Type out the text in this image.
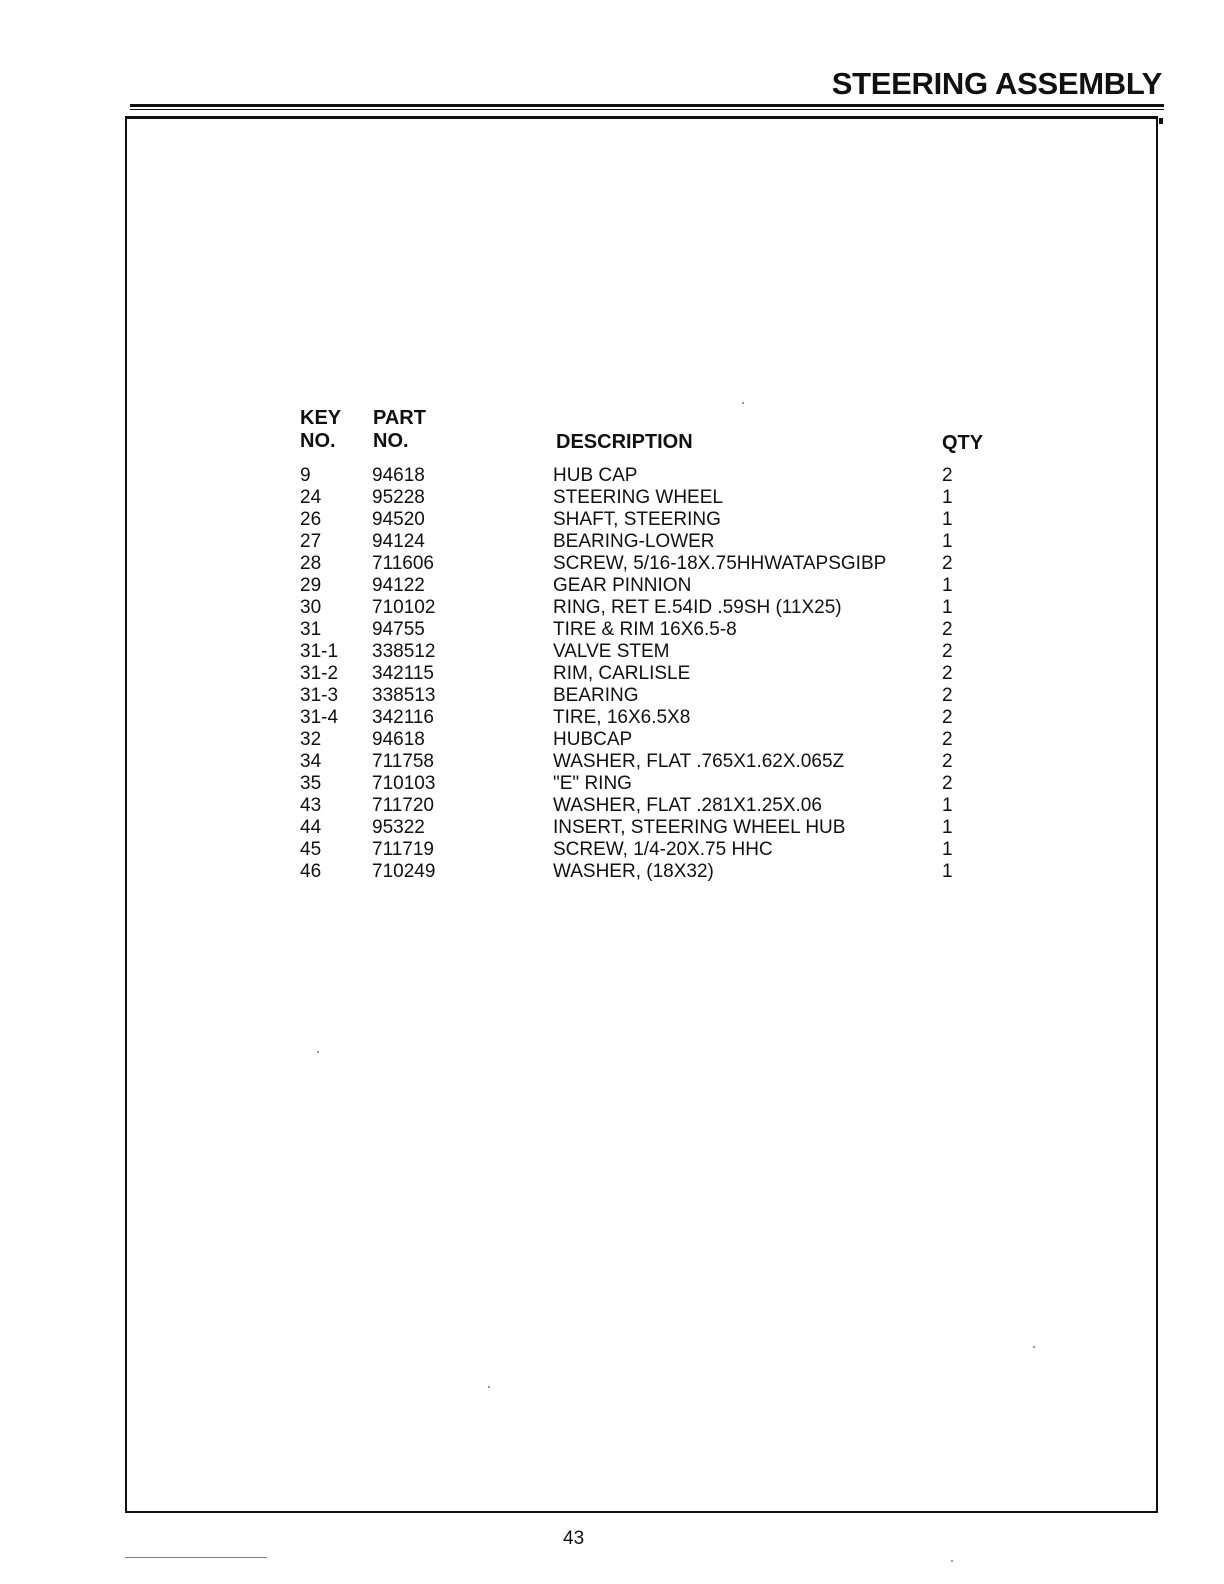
STEERING ASSEMBLY
KEY
NO.
PART
NO.	DESCRIPTION	QTY
9	94618	HUB CAP	2
24	95228	STEERING WHEEL	1
26	94520	SHAFT, STEERING	1
27	94124	BEARING-LOWER	1
28	711606	SCREW, 5/16-18X.75HHWATAPSGIBP	2
29	94122	GEAR PINNION	1
30	710102	RING, RET E.54ID .59SH (11X25)	1
31	94755	TIRE & RIM 16X6.5-8	2
31-1 338512	VALVE STEM	2
31-2 342115	RIM, CARLISLE	2
31-3 338513	BEARING	2
31-4 342116	TIRE, 16X6.5X8	2
32	94618	HUBCAP	2
34	711758	WASHER, FLAT .765X1.62X.065Z	2
35	710103	"E" RING	2
43	711720	WASHER, FLAT .281X1.25X.06	1
44	95322	INSERT, STEERING WHEEL HUB	1
45	711719	SCREW, 1/4-20X.75 HHC	1
46	710249	WASHER, (18X32)	1
43
